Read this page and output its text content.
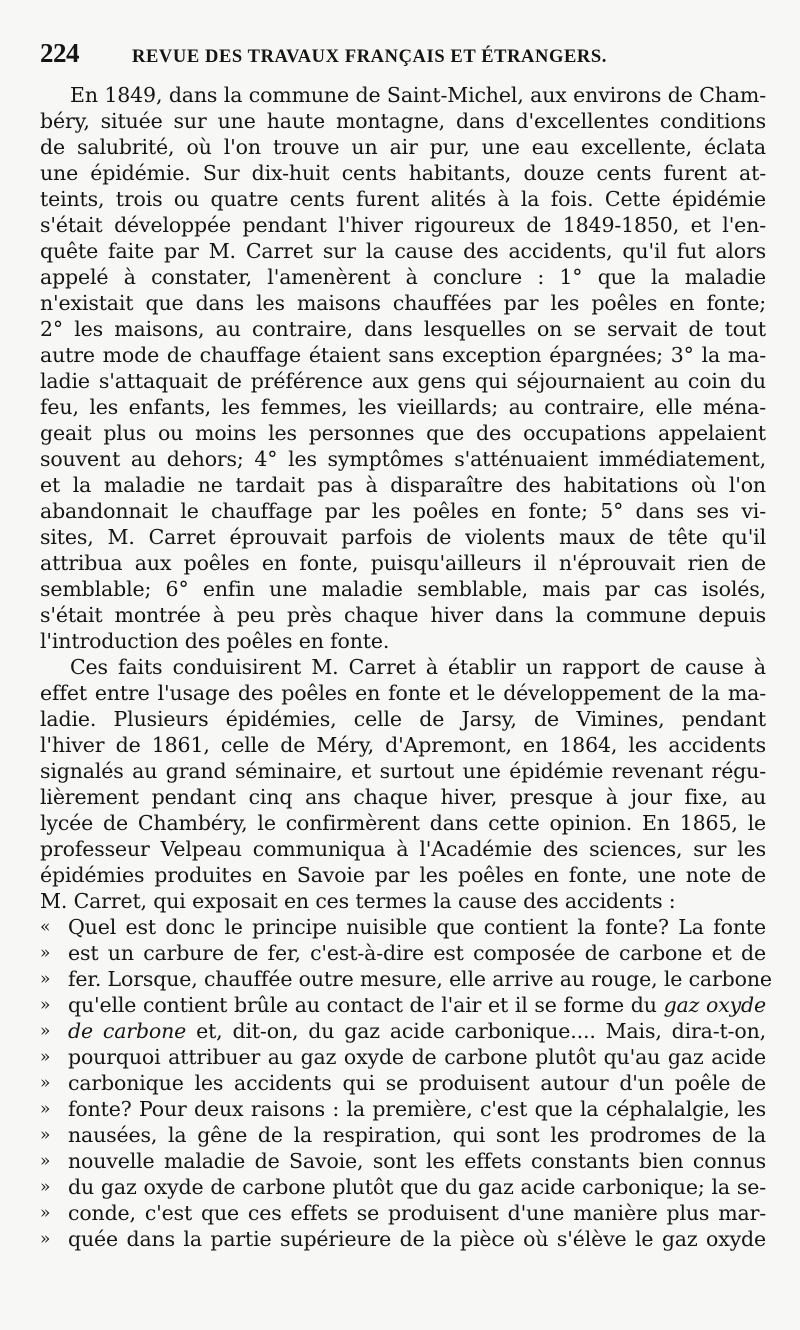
224	REVUE DES TRAVAUX FRANÇAIS ET ÉTRANGERS.
En 1849, dans la commune de Saint-Michel, aux environs de Cham-
béry, située sur une haute montagne, dans d'excellentes conditions
de salubrité, où l'on trouve un air pur, une eau excellente, éclata
une épidémie. Sur dix-huit cents habitants, douze cents furent at-
teints, trois ou quatre cents furent alités à la fois. Cette épidémie
s'était développée pendant l'hiver rigoureux de 1849-1850, et l'en-
quête faite par M. Carret sur la cause des accidents, qu'il fut alors
appelé à constater, l'amenèrent à conclure : 1° que la maladie
n'existait que dans les maisons chauffées par les poêles en fonte;
2° les maisons, au contraire, dans lesquelles on se servait de tout
autre mode de chauffage étaient sans exception épargnées; 3° la ma-
ladie s'attaquait de préférence aux gens qui séjournaient au coin du
feu, les enfants, les femmes, les vieillards; au contraire, elle ména-
geait plus ou moins les personnes que des occupations appelaient
souvent au dehors; 4° les symptômes s'atténuaient immédiatement,
et la maladie ne tardait pas à disparaître des habitations où l'on
abandonnait le chauffage par les poêles en fonte; 5° dans ses vi-
sites, M. Carret éprouvait parfois de violents maux de tête qu'il
attribua aux poêles en fonte, puisqu'ailleurs il n'éprouvait rien de
semblable; 6° enfin une maladie semblable, mais par cas isolés,
s'était montrée à peu près chaque hiver dans la commune depuis
l'introduction des poêles en fonte.
Ces faits conduisirent M. Carret à établir un rapport de cause à
effet entre l'usage des poêles en fonte et le développement de la ma-
ladie. Plusieurs épidémies, celle de Jarsy, de Vimines, pendant
l'hiver de 1861, celle de Méry, d'Apremont, en 1864, les accidents
signalés au grand séminaire, et surtout une épidémie revenant régu-
lièrement pendant cinq ans chaque hiver, presque à jour fixe, au
lycée de Chambéry, le confirmèrent dans cette opinion. En 1865, le
professeur Velpeau communiqua à l'Académie des sciences, sur les
épidémies produites en Savoie par les poêles en fonte, une note de
M. Carret, qui exposait en ces termes la cause des accidents :
« Quel est donc le principe nuisible que contient la fonte? La fonte
» est un carbure de fer, c'est-à-dire est composée de carbone et de
» fer. Lorsque, chauffée outre mesure, elle arrive au rouge, le carbone
» qu'elle contient brûle au contact de l'air et il se forme du gaz oxyde
» de carbone et, dit-on, du gaz acide carbonique.... Mais, dira-t-on,
» pourquoi attribuer au gaz oxyde de carbone plutôt qu'au gaz acide
» carbonique les accidents qui se produisent autour d'un poêle de
» fonte? Pour deux raisons : la première, c'est que la céphalalgie, les
» nausées, la gêne de la respiration, qui sont les prodromes de la
» nouvelle maladie de Savoie, sont les effets constants bien connus
» du gaz oxyde de carbone plutôt que du gaz acide carbonique; la se-
» conde, c'est que ces effets se produisent d'une manière plus mar-
» quée dans la partie supérieure de la pièce où s'élève le gaz oxyde
